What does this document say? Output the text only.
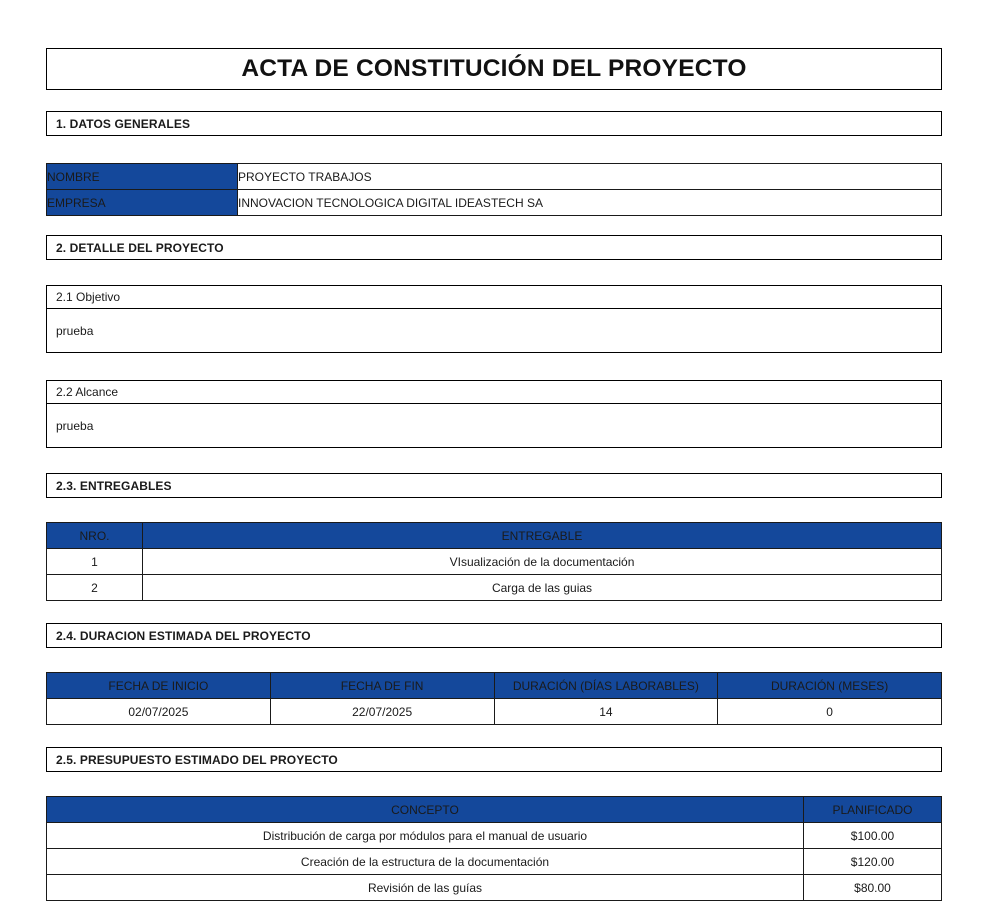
ACTA DE CONSTITUCIÓN DEL PROYECTO
1. DATOS GENERALES
NOMBRE	PROYECTO TRABAJOS
EMPRESA	INNOVACION TECNOLOGICA DIGITAL IDEASTECH SA
2. DETALLE DEL PROYECTO
2.1 Objetivo
prueba
2.2 Alcance
prueba
2.3. ENTREGABLES
NRO.	ENTREGABLE
1	VIsualización de la documentación
2	Carga de las guias
2.4. DURACION ESTIMADA DEL PROYECTO
FECHA DE INICIO	FECHA DE FIN	DURACIÓN (DÍAS LABORABLES)	DURACIÓN (MESES)
02/07/2025	22/07/2025	14	0
2.5. PRESUPUESTO ESTIMADO DEL PROYECTO
CONCEPTO	PLANIFICADO
Distribución de carga por módulos para el manual de usuario	$100.00
Creación de la estructura de la documentación	$120.00
Revisión de las guías	$80.00
